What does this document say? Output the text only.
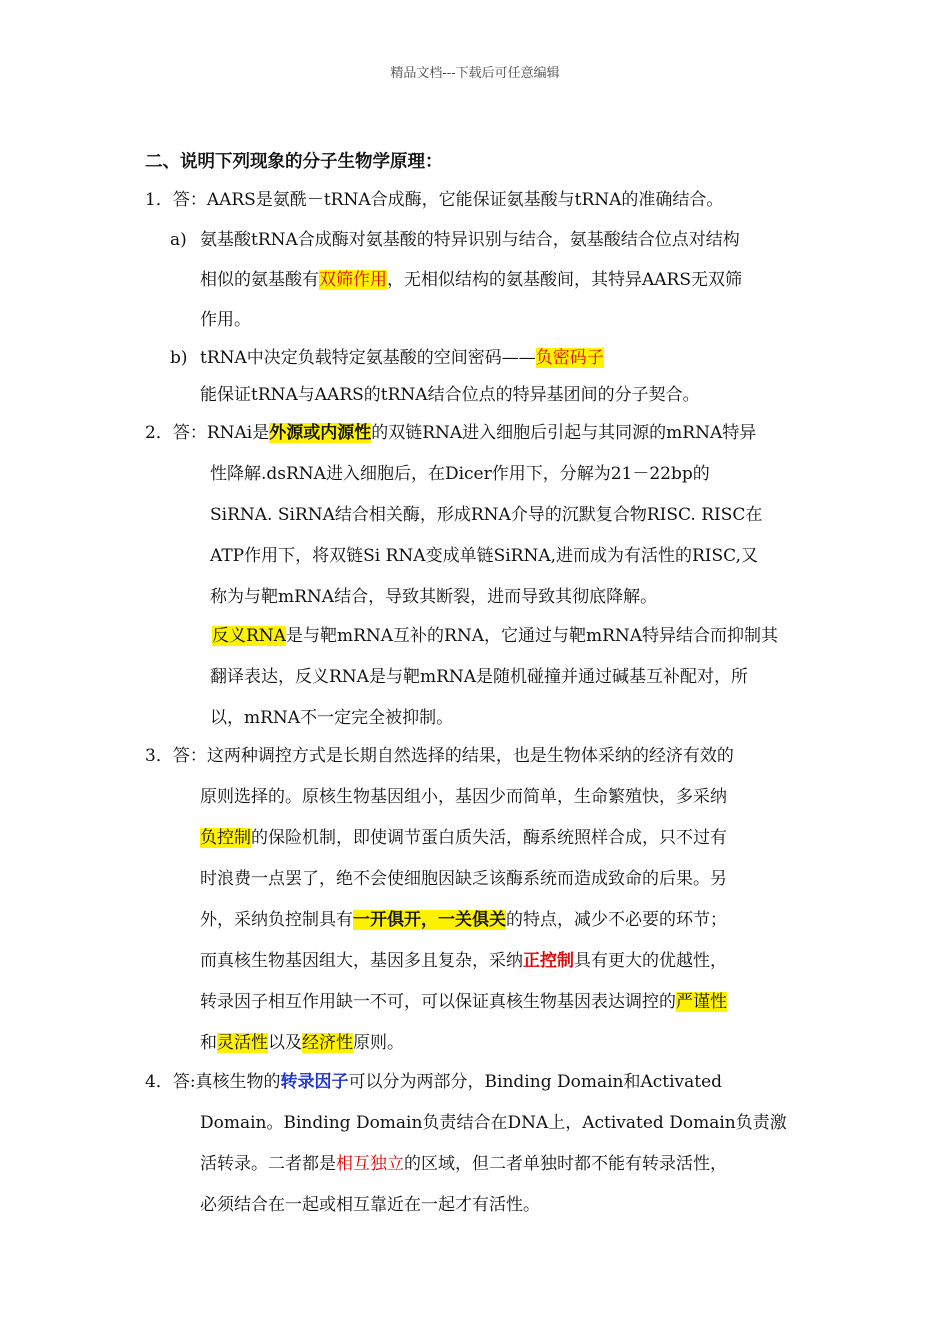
精品文档---下载后可任意编辑
二、说明下列现象的分子生物学原理：
1．答：AARS是氨酰－tRNA合成酶，它能保证氨基酸与tRNA的准确结合。
a) 氨基酸tRNA合成酶对氨基酸的特异识别与结合，氨基酸结合位点对结构
相似的氨基酸有双筛作用，无相似结构的氨基酸间，其特异AARS无双筛
作用。
b) tRNA中决定负载特定氨基酸的空间密码——负密码子
能保证tRNA与AARS的tRNA结合位点的特异基团间的分子契合。
2．答：RNAi是外源或内源性的双链RNA进入细胞后引起与其同源的mRNA特异
性降解.dsRNA进入细胞后，在Dicer作用下，分解为21－22bp的
SiRNA. SiRNA结合相关酶，形成RNA介导的沉默复合物RISC. RISC在
ATP作用下，将双链Si RNA变成单链SiRNA,进而成为有活性的RISC,又
称为与靶mRNA结合，导致其断裂，进而导致其彻底降解。
反义RNA是与靶mRNA互补的RNA，它通过与靶mRNA特异结合而抑制其
翻译表达，反义RNA是与靶mRNA是随机碰撞并通过碱基互补配对，所
以，mRNA不一定完全被抑制。
3．答：这两种调控方式是长期自然选择的结果，也是生物体采纳的经济有效的
原则选择的。原核生物基因组小，基因少而简单，生命繁殖快，多采纳
负控制的保险机制，即使调节蛋白质失活，酶系统照样合成，只不过有
时浪费一点罢了，绝不会使细胞因缺乏该酶系统而造成致命的后果。另
外，采纳负控制具有一开俱开，一关俱关的特点，减少不必要的环节；
而真核生物基因组大，基因多且复杂，采纳正控制具有更大的优越性，
转录因子相互作用缺一不可，可以保证真核生物基因表达调控的严谨性
和灵活性以及经济性原则。
4．答:真核生物的转录因子可以分为两部分，Binding Domain和Activated
Domain。Binding Domain负责结合在DNA上，Activated Domain负责激
活转录。二者都是相互独立的区域，但二者单独时都不能有转录活性，
必须结合在一起或相互靠近在一起才有活性。
